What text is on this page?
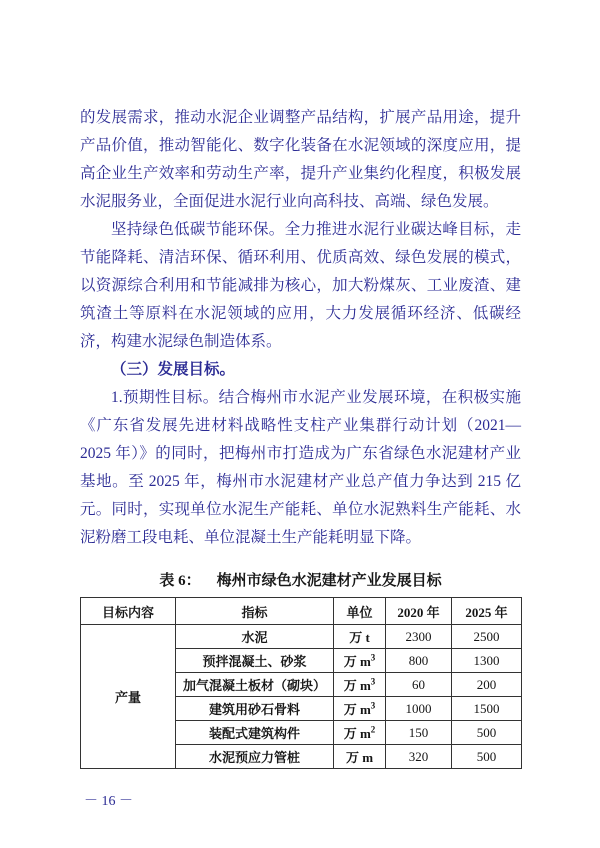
的发展需求，推动水泥企业调整产品结构，扩展产品用途，提升产品价值，推动智能化、数字化装备在水泥领域的深度应用，提高企业生产效率和劳动生产率，提升产业集约化程度，积极发展水泥服务业，全面促进水泥行业向高科技、高端、绿色发展。

坚持绿色低碳节能环保。全力推进水泥行业碳达峰目标，走节能降耗、清洁环保、循环利用、优质高效、绿色发展的模式，以资源综合利用和节能减排为核心，加大粉煤灰、工业废渣、建筑渣土等原料在水泥领域的应用，大力发展循环经济、低碳经济，构建水泥绿色制造体系。

（三）发展目标。

1.预期性目标。结合梅州市水泥产业发展环境，在积极实施《广东省发展先进材料战略性支柱产业集群行动计划（2021—2025 年）》的同时，把梅州市打造成为广东省绿色水泥建材产业基地。至 2025 年，梅州市水泥建材产业总产值力争达到 215 亿元。同时，实现单位水泥生产能耗、单位水泥熟料生产能耗、水泥粉磨工段电耗、单位混凝土生产能耗明显下降。

表 6： 梅州市绿色水泥建材产业发展目标
目标内容	指标	单位	2020 年	2025 年
产量	水泥	万 t	2300	2500
	预拌混凝土、砂浆	万 $m^3$	800	1300
	加气混凝土板材（砌块）	万 $m^3$	60	200
	建筑用砂石骨料	万 $m^3$	1000	1500
	装配式建筑构件	万 $m^2$	150	500
	水泥预应力管桩	万 m	320	500
－ 16 －
